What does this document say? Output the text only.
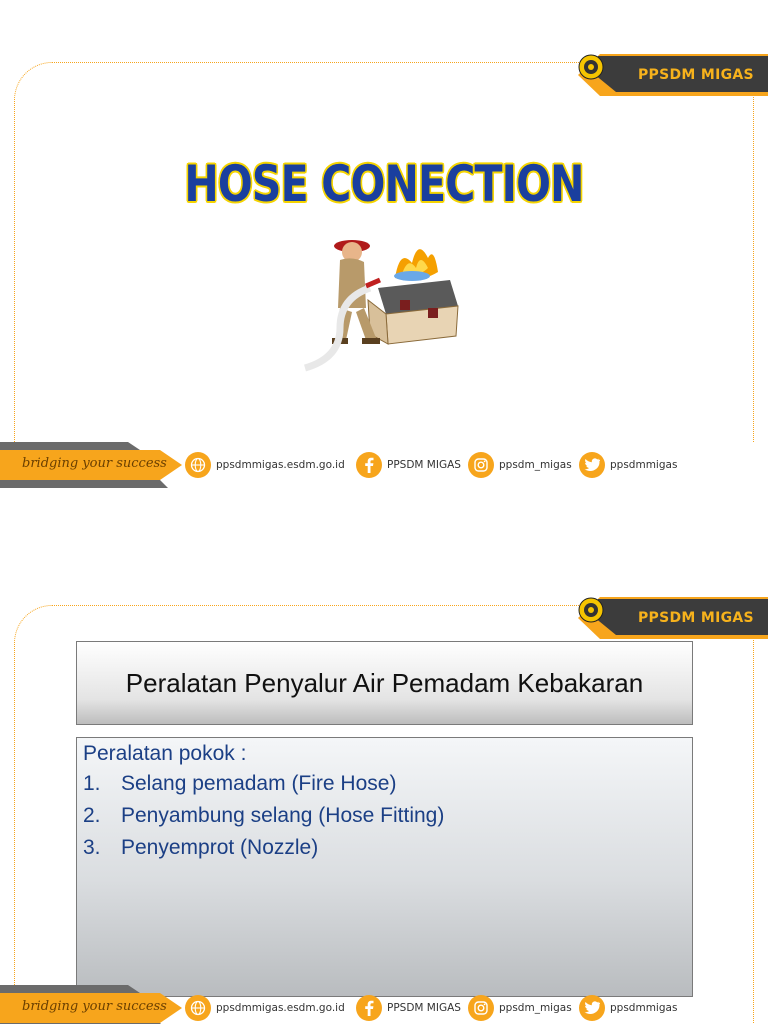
PPSDM MIGAS
HOSE CONECTION
bridging your success	ppsdmmigas.esdm.go.id	PPSDM MIGAS	ppsdm_migas	ppsdmmigas
PPSDM MIGAS
Peralatan Penyalur Air Pemadam Kebakaran

Peralatan pokok :

1. Selang pemadam (Fire Hose)
2. Penyambung selang (Hose Fitting)
3. Penyemprot (Nozzle)
bridging your success	ppsdmmigas.esdm.go.id	PPSDM MIGAS	ppsdm_migas	ppsdmmigas
